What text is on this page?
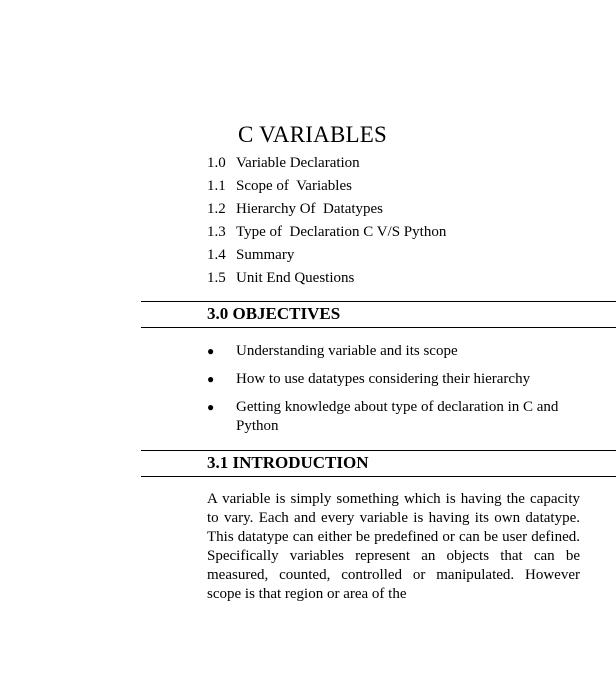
C VARIABLES
1.0 Variable Declaration
1.1 Scope of  Variables
1.2 Hierarchy Of  Datatypes
1.3 Type of  Declaration C V/S Python
1.4 Summary
1.5 Unit End Questions
3.0 OBJECTIVES
● Understanding variable and its scope
● How to use datatypes considering their hierarchy
● Getting knowledge about type of declaration in C and Python
3.1 INTRODUCTION

A variable is simply something which is having the capacity to vary. Each and every variable is having its own datatype. This datatype can either be predefined or can be user defined. Specifically variables represent an objects that can be measured, counted, controlled or manipulated. However scope is that region or area of the
